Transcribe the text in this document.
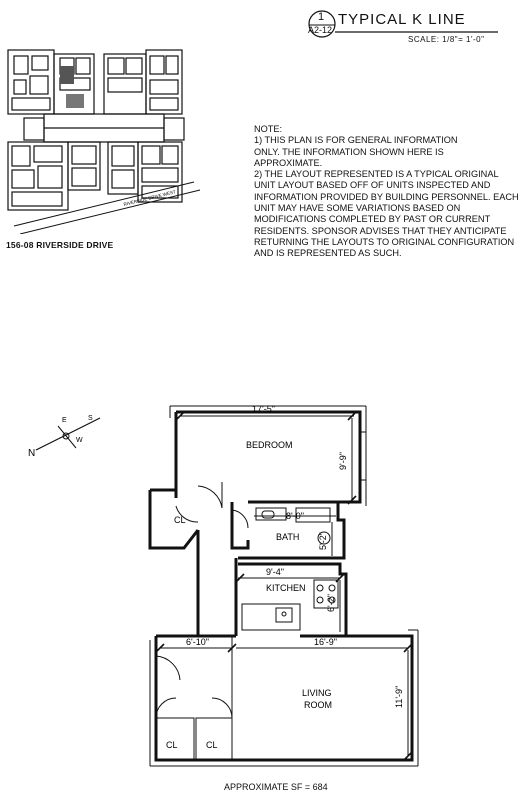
1
A2-12
TYPICAL K LINE
SCALE: 1/8"= 1'-0"
RIVERSIDE DRIVE WEST
156-08 RIVERSIDE DRIVE

NOTE:

1) THIS PLAN IS FOR GENERAL INFORMATION

ONLY. THE INFORMATION SHOWN HERE IS

APPROXIMATE.

2) THE LAYOUT REPRESENTED IS A TYPICAL ORIGINAL

UNIT LAYOUT BASED OFF OF UNITS INSPECTED AND

INFORMATION PROVIDED BY BUILDING PERSONNEL. EACH

UNIT MAY HAVE SOME VARIATIONS BASED ON

MODIFICATIONS COMPLETED BY PAST OR CURRENT

RESIDENTS. SPONSOR ADVISES THAT THEY ANTICIPATE

RETURNING THE LAYOUTS TO ORIGINAL CONFIGURATION

AND IS REPRESENTED AS SUCH.

N
S
E
W
17'-5"
9'-9"
8'-0"
5'-2"
9'-4"
6'-2"
6'-10"	16'-9"
11'-9"
BEDROOM
BATH
KITCHEN
LIVING
ROOM
CL
CL	CL
APPROXIMATE SF = 684
